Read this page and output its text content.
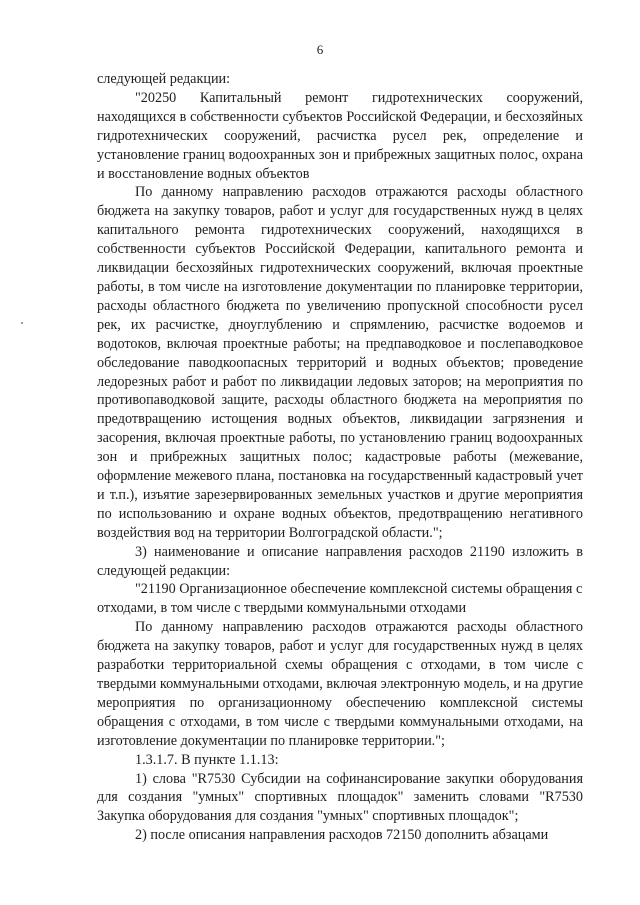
6

следующей редакции:

"20250 Капитальный ремонт гидротехнических сооружений, находящихся в собственности субъектов Российской Федерации, и бесхозяйных гидротехнических сооружений, расчистка русел рек, определение и установление границ водоохранных зон и прибрежных защитных полос, охрана и восстановление водных объектов

По данному направлению расходов отражаются расходы областного бюджета на закупку товаров, работ и услуг для государственных нужд в целях капитального ремонта гидротехнических сооружений, находящихся в собственности субъектов Российской Федерации, капитального ремонта и ликвидации бесхозяйных гидротехнических сооружений, включая проектные работы, в том числе на изготовление документации по планировке территории, расходы областного бюджета по увеличению пропускной способности русел рек, их расчистке, дноуглублению и спрямлению, расчистке водоемов и водотоков, включая проектные работы; на предпаводковое и послепаводковое обследование паводкоопасных территорий и водных объектов; проведение ледорезных работ и работ по ликвидации ледовых заторов; на мероприятия по противопаводковой защите, расходы областного бюджета на мероприятия по предотвращению истощения водных объектов, ликвидации загрязнения и засорения, включая проектные работы, по установлению границ водоохранных зон и прибрежных защитных полос; кадастровые работы (межевание, оформление межевого плана, постановка на государственный кадастровый учет и т.п.), изъятие зарезервированных земельных участков и другие мероприятия по использованию и охране водных объектов, предотвращению негативного воздействия вод на территории Волгоградской области.";

3) наименование и описание направления расходов 21190 изложить в следующей редакции:

"21190 Организационное обеспечение комплексной системы обращения с отходами, в том числе с твердыми коммунальными отходами

По данному направлению расходов отражаются расходы областного бюджета на закупку товаров, работ и услуг для государственных нужд в целях разработки территориальной схемы обращения с отходами, в том числе с твердыми коммунальными отходами, включая электронную модель, и на другие мероприятия по организационному обеспечению комплексной системы обращения с отходами, в том числе с твердыми коммунальными отходами, на изготовление документации по планировке территории.";

1.3.1.7. В пункте 1.1.13:

1) слова "R7530 Субсидии на софинансирование закупки оборудования для создания "умных" спортивных площадок" заменить словами "R7530 Закупка оборудования для создания "умных" спортивных площадок";

2) после описания направления расходов 72150 дополнить абзацами
